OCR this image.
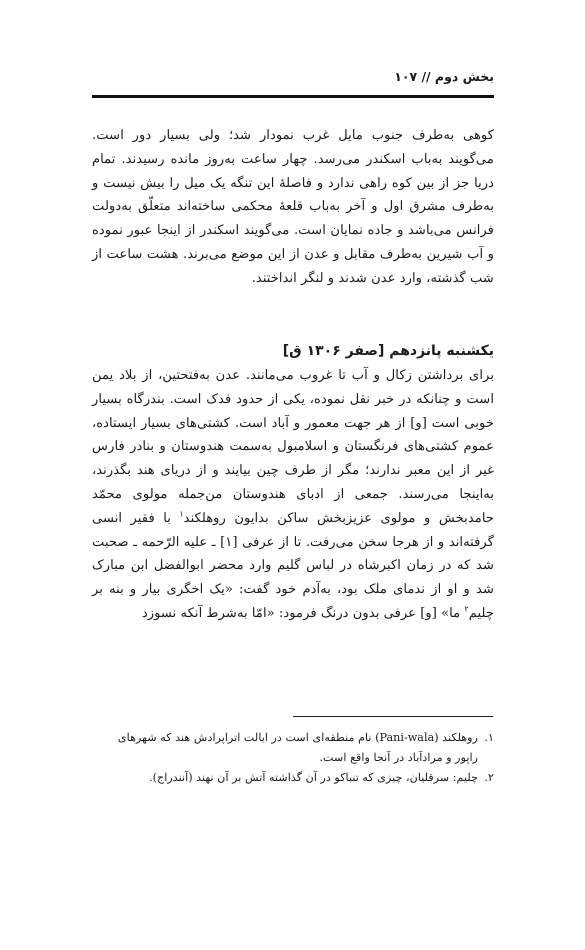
بخش دوم // ۱۰۷

کوهی به‌طرف جنوب مایل غرب نمودار شد؛ ولی بسیار دور است. می‌گویند به‌باب اسکندر می‌رسد. چهار ساعت به‌روز مانده رسیدند. تمام دریا جز از بین کوه راهی ندارد و فاصلهٔ این تنگه یک میل را بیش نیست و به‌طرف مشرق اول و آخر به‌باب قلعهٔ محکمی ساخته‌اند متعلّق به‌دولت فرانس می‌باشد و جاده نمایان است. می‌گویند اسکندر از اینجا عبور نموده و آب شیرین به‌طرف مقابل و عدن از این موضع می‌برند. هشت ساعت از شب گذشته، وارد عدن شدند و لنگر انداختند.

یکشنبه پانزدهم [صفر ۱۳۰۶ ق]

برای برداشتن زکال و آب تا غروب می‌مانند. عدن به‌فتحتین، از بلاد یمن است و چنانکه در خبر نقل نموده، یکی از حدود فدک است. بندرگاه بسیار خوبی است [و] از هر جهت معمور و آباد است. کشتی‌های بسیار ایستاده، عموم کشتی‌های فرنگستان و اسلامبول به‌سمت هندوستان و بنادر فارس غیر از این معبر ندارند؛ مگر از طرف چین بیایند و از دریای هند بگذرند، به‌اینجا می‌رسند. جمعی از ادبای هندوستان من‌جمله مولوی محمّد حامدبخش و مولوی عزیزبخش ساکن بدایون روهلکند$^۱$ با فقیر انسی گرفته‌اند و از هرجا سخن می‌رفت. تا از عرفی [۱] ـ علیه الرّحمه ـ صحبت شد که در زمان اکبرشاه در لباس گلیم وارد محضر ابوالفضل ابن مبارک شد و او از ندمای ملک بود، به‌آدم خود گفت: «یک اخگری بیار و بنه بر چلیم$^۲$ ما» [و] عرفی بدون درنگ فرمود: «امّا به‌شرط آنکه نسوزد

۱.
روهلکند (Pani-wala) نام منطقه‌ای است در ایالت اتراپرادش هند که شهرهای راپور و مرادآباد در آنجا واقع است.

۲.
چلیم: سرقلیان، چیزی که تنباکو در آن گذاشته آتش بر آن نهند (آنندراج).
